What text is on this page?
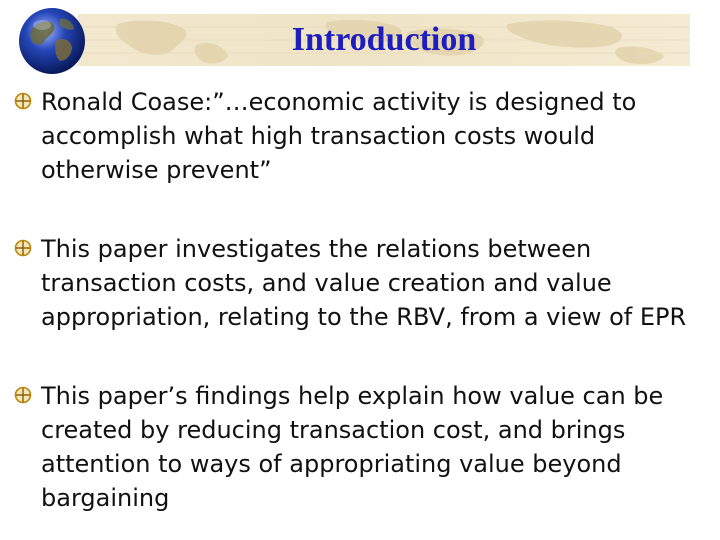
Introduction

Ronald Coase:”…economic activity is designed to
accomplish what high transaction costs would
otherwise prevent”

This paper investigates the relations between
transaction costs, and value creation and value
appropriation, relating to the RBV, from a view of EPR

This paper’s findings help explain how value can be
created by reducing transaction cost, and brings
attention to ways of appropriating value beyond
bargaining
